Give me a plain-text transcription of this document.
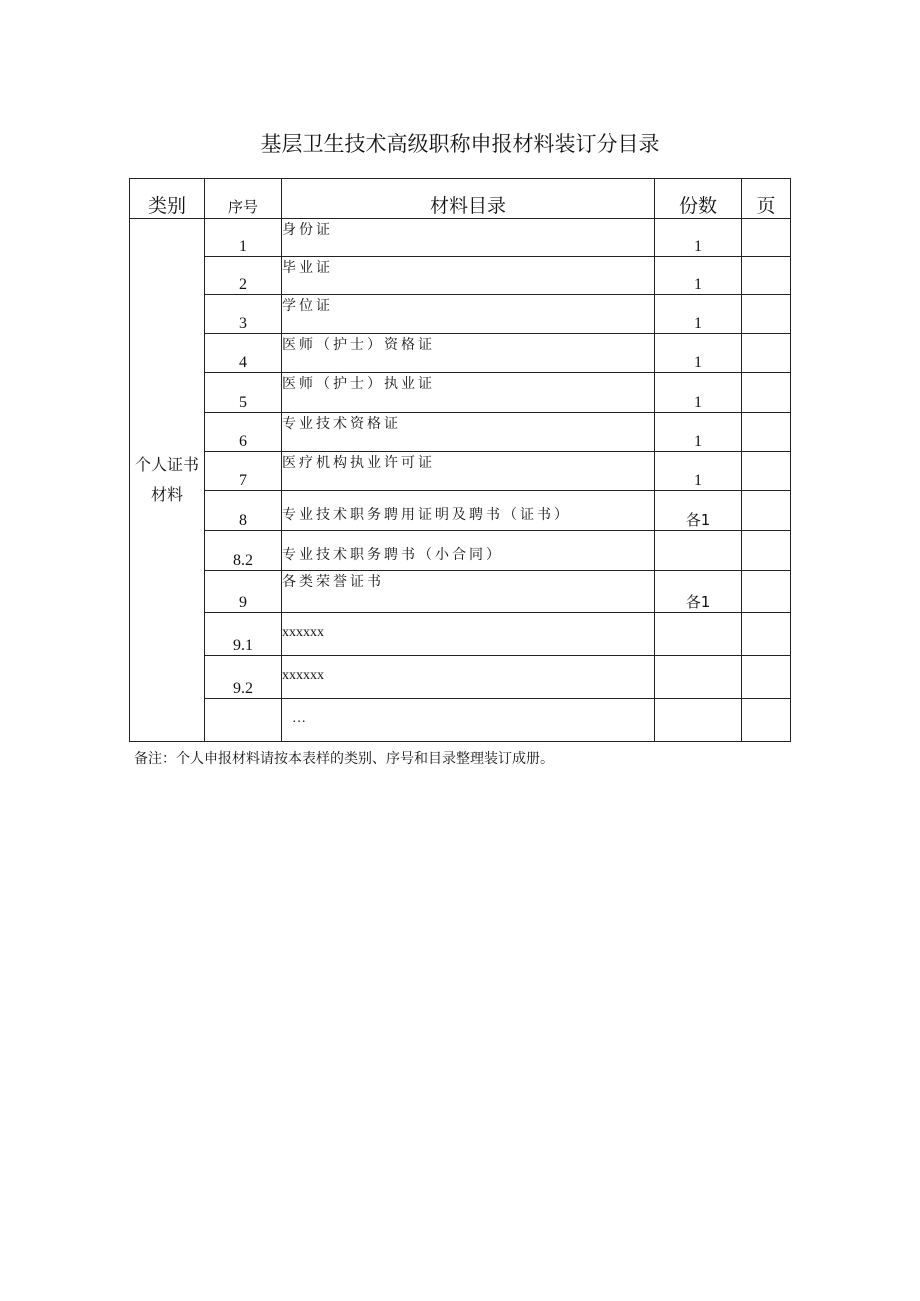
基层卫生技术高级职称申报材料装订分目录
类别	序号	材料目录	份数	页

个人证书
材料	1	身份证	1	
	2	毕业证	1	
	3	学位证	1	
	4	医师（护士）资格证	1	
	5	医师（护士）执业证	1	
	6	专业技术资格证	1	
	7	医疗机构执业许可证	1	
	8	专业技术职务聘用证明及聘书（证书）	各1	
	8.2	专业技术职务聘书（小合同）		
	9	各类荣誉证书	各1	
	9.1	xxxxxx		
	9.2	xxxxxx		
		…		
备注：个人申报材料请按本表样的类别、序号和目录整理装订成册。
